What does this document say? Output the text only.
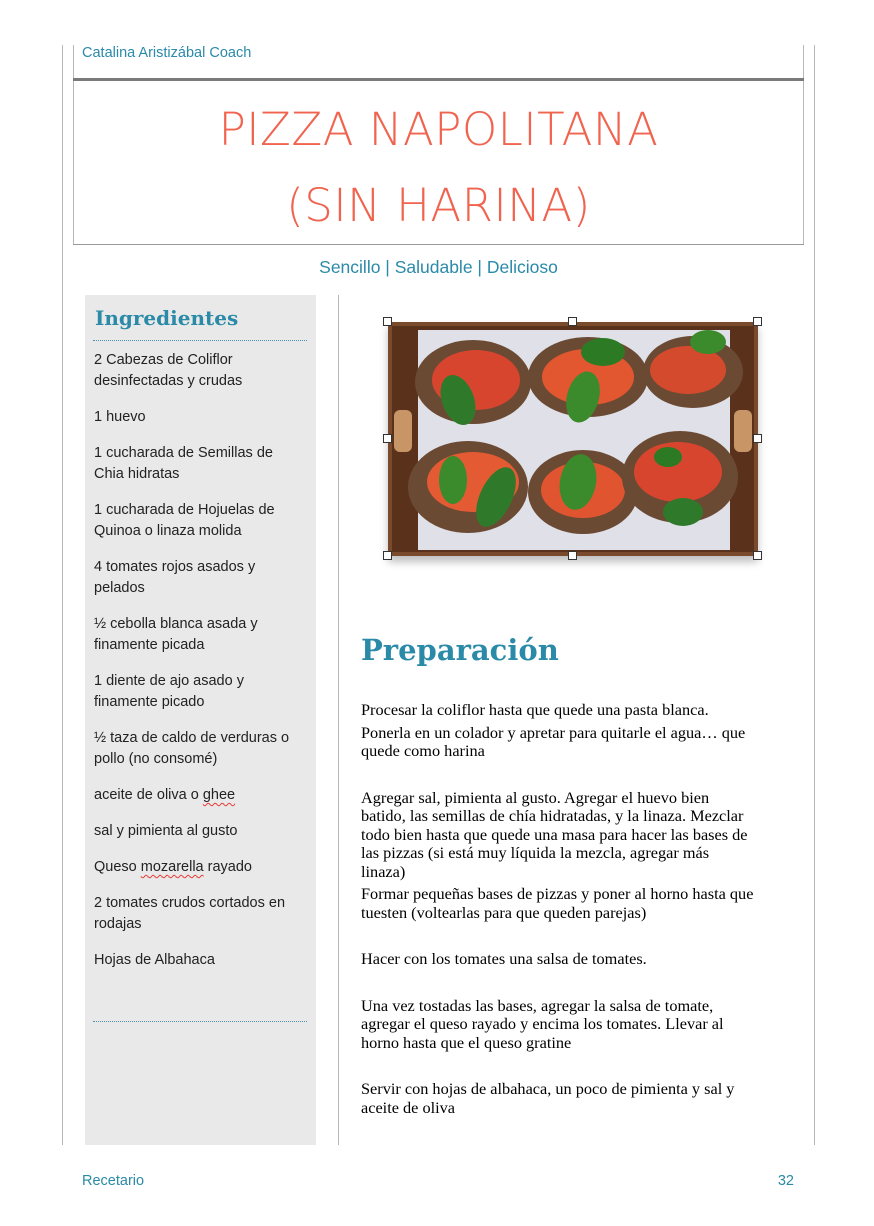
Catalina Aristizábal Coach
PIZZA NAPOLITANA
(SIN HARINA)
Sencillo | Saludable | Delicioso
Ingredientes
2 Cabezas de Coliflor desinfectadas y crudas
1 huevo
1 cucharada de Semillas de Chia hidratas
1 cucharada de Hojuelas de Quinoa o linaza molida
4 tomates rojos asados y pelados
½ cebolla blanca asada y finamente picada
1 diente de ajo asado y finamente picado
½ taza de caldo de verduras o pollo (no consomé)
aceite de oliva o ghee
sal y pimienta al gusto
Queso mozarella rayado
2 tomates crudos cortados en rodajas
Hojas de Albahaca
Preparación

Procesar la coliflor hasta que quede una pasta blanca.

Ponerla en un colador y apretar para quitarle el agua… que quede como harina

Agregar sal, pimienta al gusto. Agregar el huevo bien batido, las semillas de chía hidratadas, y la linaza. Mezclar todo bien hasta que quede una masa para hacer las bases de las pizzas (si está muy líquida la mezcla, agregar más linaza)

Formar pequeñas bases de pizzas y poner al horno hasta que tuesten (voltearlas para que queden parejas)

Hacer con los tomates una salsa de tomates.

Una vez tostadas las bases, agregar la salsa de tomate, agregar el queso rayado y encima los tomates. Llevar al horno hasta que el queso gratine

Servir con hojas de albahaca, un poco de pimienta y sal y aceite de oliva

Recetario	32
